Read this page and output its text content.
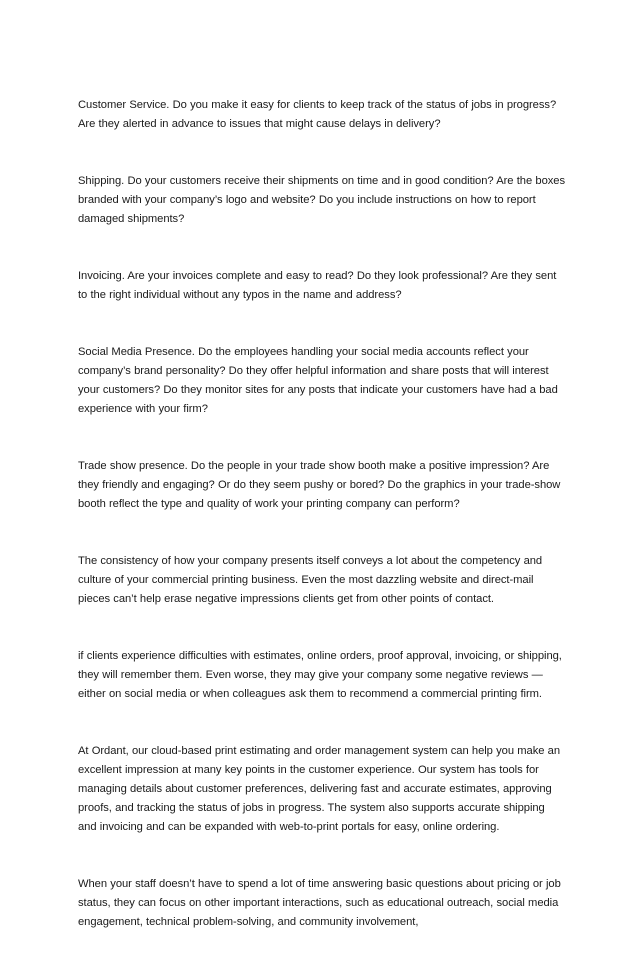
Customer Service. Do you make it easy for clients to keep track of the status of jobs in progress? Are they alerted in advance to issues that might cause delays in delivery?

Shipping. Do your customers receive their shipments on time and in good condition? Are the boxes branded with your company’s logo and website? Do you include instructions on how to report damaged shipments?

Invoicing. Are your invoices complete and easy to read? Do they look professional? Are they sent to the right individual without any typos in the name and address?

Social Media Presence. Do the employees handling your social media accounts reflect your company’s brand personality? Do they offer helpful information and share posts that will interest your customers? Do they monitor sites for any posts that indicate your customers have had a bad experience with your firm?

Trade show presence. Do the people in your trade show booth make a positive impression? Are they friendly and engaging? Or do they seem pushy or bored? Do the graphics in your trade-show booth reflect the type and quality of work your printing company can perform?

The consistency of how your company presents itself conveys a lot about the competency and culture of your commercial printing business. Even the most dazzling website and direct-mail pieces can’t help erase negative impressions clients get from other points of contact.

if clients experience difficulties with estimates, online orders, proof approval, invoicing, or shipping, they will remember them. Even worse, they may give your company some negative reviews — either on social media or when colleagues ask them to recommend a commercial printing firm.

At Ordant, our cloud-based print estimating and order management system can help you make an excellent impression at many key points in the customer experience. Our system has tools for managing details about customer preferences, delivering fast and accurate estimates, approving proofs, and tracking the status of jobs in progress. The system also supports accurate shipping and invoicing and can be expanded with web-to-print portals for easy, online ordering.

When your staff doesn’t have to spend a lot of time answering basic questions about pricing or job status, they can focus on other important interactions, such as educational outreach, social media engagement, technical problem-solving, and community involvement,
